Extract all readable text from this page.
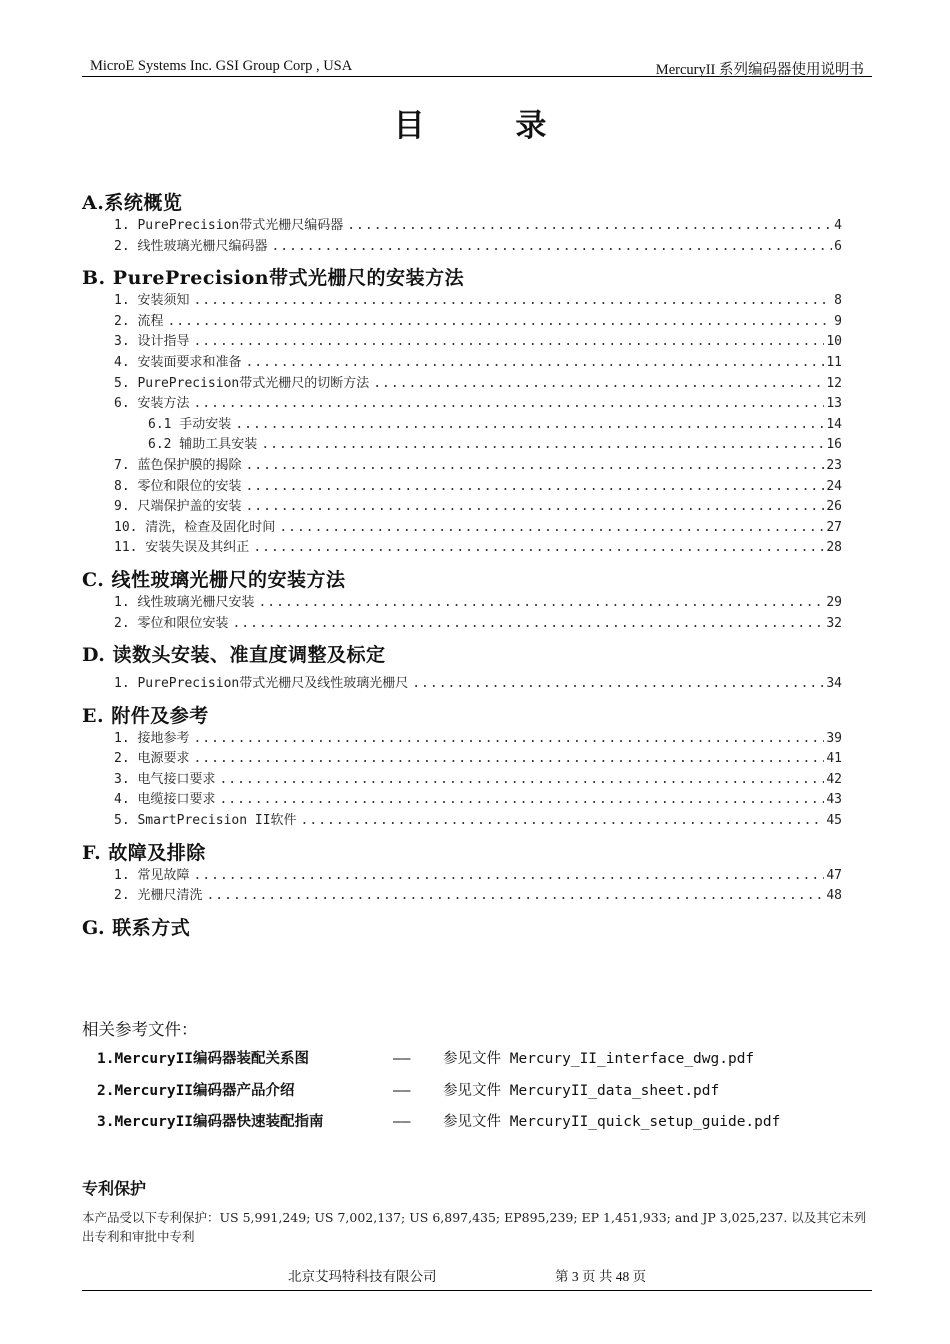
MicroE Systems Inc. GSI Group Corp , USA	MercuryII 系列编码器使用说明书
目 录
A.系统概览
1. PurePrecision带式光栅尺编码器 .....	4
2. 线性玻璃光栅尺编码器 .....	6
B. PurePrecision带式光栅尺的安装方法
1. 安装须知 .....	8
2. 流程 .....	9
3. 设计指导 .....	10
4. 安装面要求和准备 .....	11
5. PurePrecision带式光栅尺的切断方法 .....	12
6. 安装方法 .....	13
6.1 手动安装 .....	14
6.2 辅助工具安装 .....	16
7. 蓝色保护膜的揭除 .....	23
8. 零位和限位的安装 .....	24
9. 尺端保护盖的安装 .....	26
10. 清洗，检查及固化时间 .....	27
11. 安装失误及其纠正 .....	28
C. 线性玻璃光栅尺的安装方法
1. 线性玻璃光栅尺安装 .....	29
2. 零位和限位安装 .....	32
D. 读数头安装、准直度调整及标定
1. PurePrecision带式光栅尺及线性玻璃光栅尺 .....	34
E. 附件及参考
1. 接地参考 .....	39
2. 电源要求 .....	41
3. 电气接口要求 .....	42
4. 电缆接口要求 .....	43
5. SmartPrecision II软件 .....	45
F. 故障及排除
1. 常见故障 .....	47
2. 光栅尺清洗 .....	48
G. 联系方式
相关参考文件：
1.MercuryII编码器装配关系图	—— 参见文件 Mercury_II_interface_dwg.pdf
2.MercuryII编码器产品介绍	—— 参见文件 MercuryII_data_sheet.pdf
3.MercuryII编码器快速装配指南	—— 参见文件 MercuryII_quick_setup_guide.pdf
专利保护
本产品受以下专利保护：US 5,991,249; US 7,002,137; US 6,897,435; EP895,239; EP 1,451,933; and JP 3,025,237. 以及其它未列出专利和审批中专利
北京艾玛特科技有限公司	第 3 页 共 48 页
